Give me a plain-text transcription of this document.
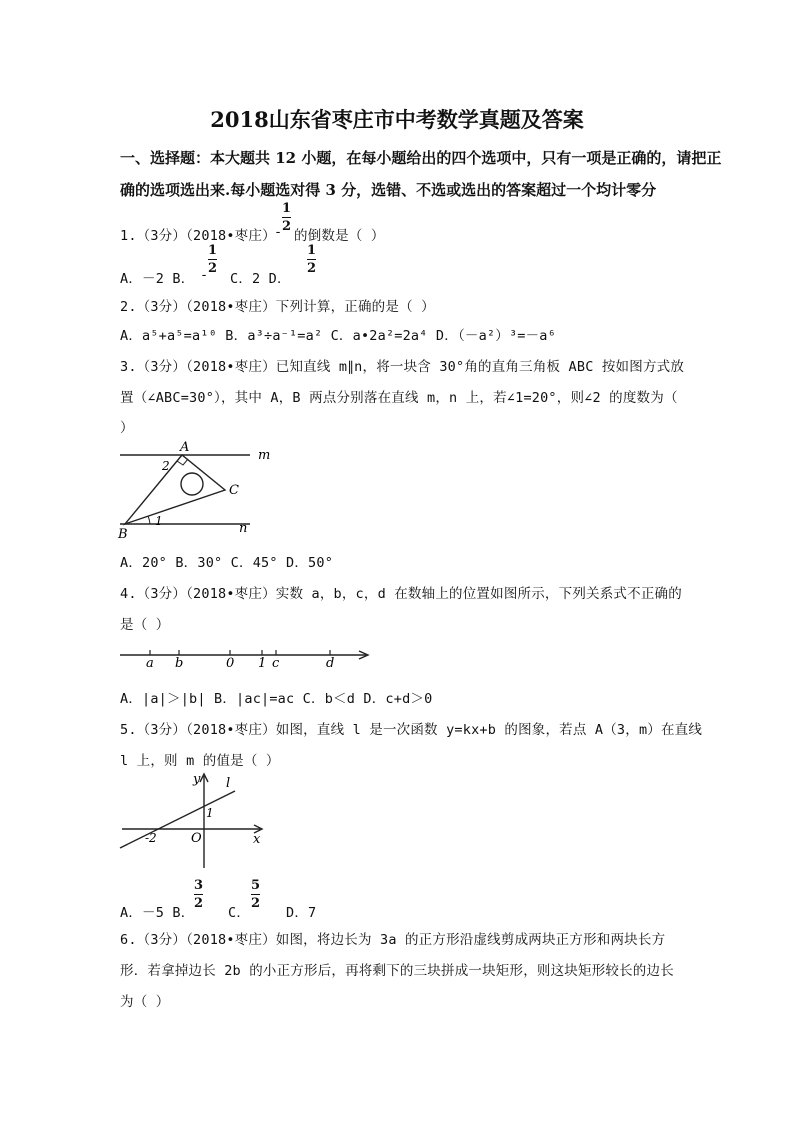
2018山东省枣庄市中考数学真题及答案
一、选择题：本大题共 12 小题，在每小题给出的四个选项中，只有一项是正确的，请把正
确的选项选出来.每小题选对得 3 分，选错、不选或选出的答案超过一个均计零分
1.（3分）（2018•枣庄）
-
1
2
的倒数是（ ）
A．－2 B． -
1
2
C．2 D．
1
2
2.（3分）（2018•枣庄）下列计算，正确的是（ ）
A．a⁵+a⁵=a¹⁰ B．a³÷a⁻¹=a² C．a•2a²=2a⁴ D．（－a²）³=－a⁶
3.（3分）（2018•枣庄）已知直线 m∥n，将一块含 30°角的直角三角板 ABC 按如图方式放
置（∠ABC=30°），其中 A，B 两点分别落在直线 m，n 上，若∠1=20°，则∠2 的度数为（
）
A
B
C
m
n
1
2
A．20° B．30° C．45° D．50°
4.（3分）（2018•枣庄）实数 a，b，c，d 在数轴上的位置如图所示，下列关系式不正确的
是（ ）
a b	0 1 c	d
A．|a|＞|b| B．|ac|=ac C．b＜d D．c+d＞0
5.（3分）（2018•枣庄）如图，直线 l 是一次函数 y=kx+b 的图象，若点 A（3，m）在直线
l 上，则 m 的值是（ ）
l
y
x
1
-2	O
A．－5 B．
3
2
C．
5
2
D．7
6.（3分）（2018•枣庄）如图，将边长为 3a 的正方形沿虚线剪成两块正方形和两块长方
形．若拿掉边长 2b 的小正方形后，再将剩下的三块拼成一块矩形，则这块矩形较长的边长
为（ ）
